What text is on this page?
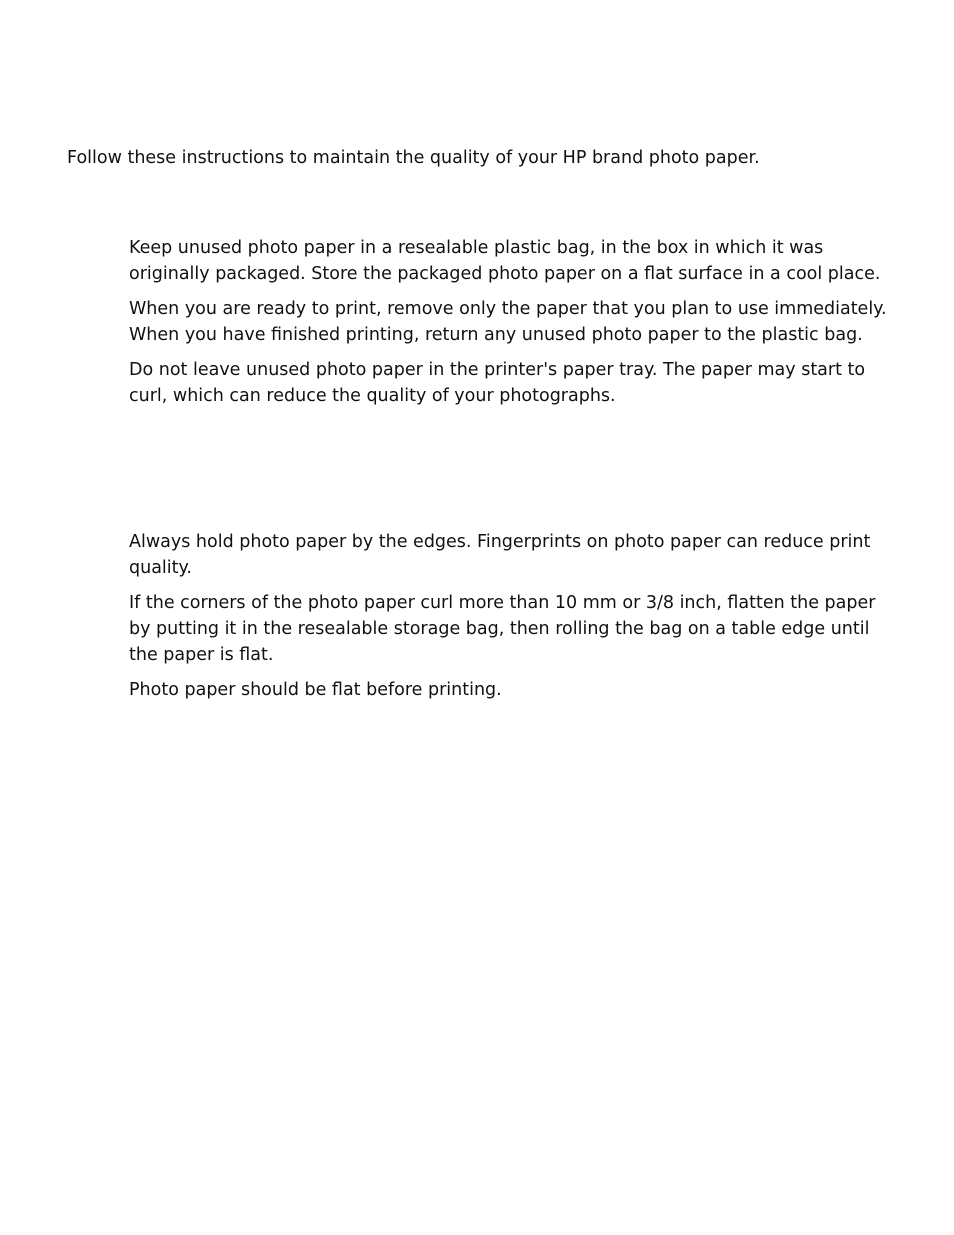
Follow these instructions to maintain the quality of your HP brand photo paper.

Keep unused photo paper in a resealable plastic bag, in the box in which it was originally packaged. Store the packaged photo paper on a flat surface in a cool place.

When you are ready to print, remove only the paper that you plan to use immediately. When you have finished printing, return any unused photo paper to the plastic bag.

Do not leave unused photo paper in the printer's paper tray. The paper may start to curl, which can reduce the quality of your photographs.

Always hold photo paper by the edges. Fingerprints on photo paper can reduce print quality.

If the corners of the photo paper curl more than 10 mm or 3/8 inch, flatten the paper by putting it in the resealable storage bag, then rolling the bag on a table edge until the paper is flat.

Photo paper should be flat before printing.
